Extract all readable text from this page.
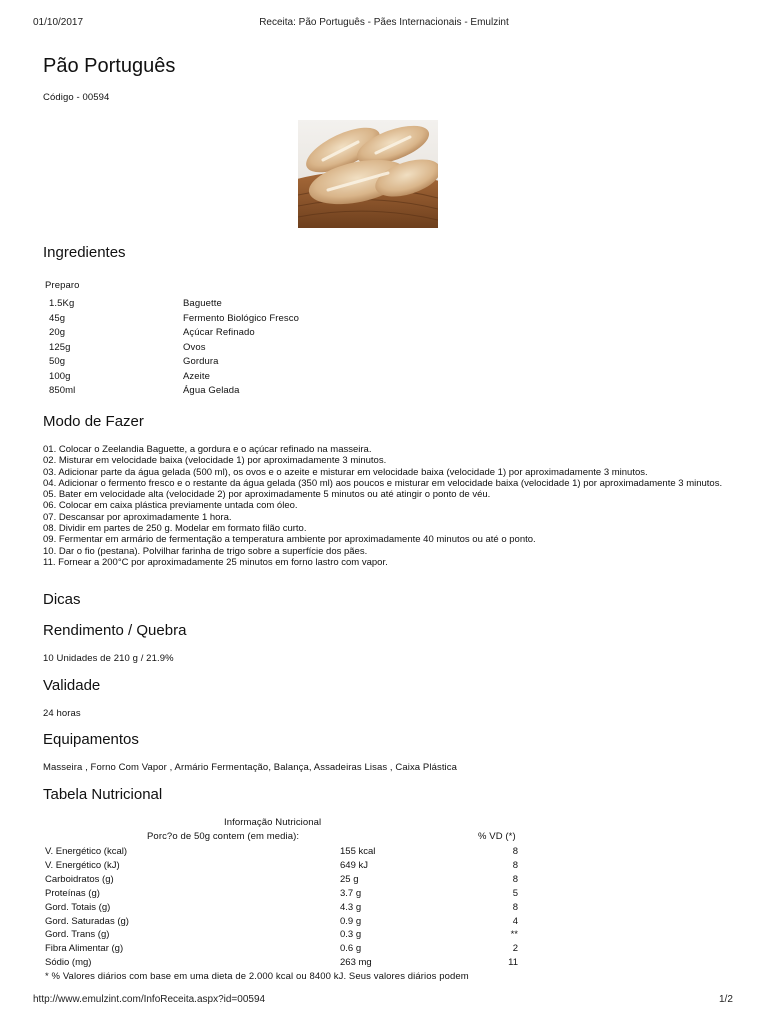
01/10/2017	Receita: Pão Português - Pães Internacionais - Emulzint
Pão Português
Código - 00594
Ingredientes
Preparo
1.5Kg	Baguette
45g	Fermento Biológico Fresco
20g	Açúcar Refinado
125g	Ovos
50g	Gordura
100g	Azeite
850ml	Água Gelada
Modo de Fazer
01. Colocar o Zeelandia Baguette, a gordura e o açúcar refinado na masseira.
02. Misturar em velocidade baixa (velocidade 1) por aproximadamente 3 minutos.
03. Adicionar parte da água gelada (500 ml), os ovos e o azeite e misturar em velocidade baixa (velocidade 1) por aproximadamente 3 minutos.
04. Adicionar o fermento fresco e o restante da água gelada (350 ml) aos poucos e misturar em velocidade baixa (velocidade 1) por aproximadamente 3 minutos.
05. Bater em velocidade alta (velocidade 2) por aproximadamente 5 minutos ou até atingir o ponto de véu.
06. Colocar em caixa plástica previamente untada com óleo.
07. Descansar por aproximadamente 1 hora.
08. Dividir em partes de 250 g. Modelar em formato filão curto.
09. Fermentar em armário de fermentação a temperatura ambiente por aproximadamente 40 minutos ou até o ponto.
10. Dar o fio (pestana). Polvilhar farinha de trigo sobre a superfície dos pães.
11. Fornear a 200°C por aproximadamente 25 minutos em forno lastro com vapor.
Dicas
Rendimento / Quebra
10 Unidades de 210 g / 21.9%
Validade
24 horas
Equipamentos
Masseira , Forno Com Vapor , Armário Fermentação, Balança, Assadeiras Lisas , Caixa Plástica
Tabela Nutricional
Informação Nutricional
Porc?o de 50g contem (em media):	% VD (*)
V. Energético (kcal)	155 kcal	8
V. Energético (kJ)	649 kJ	8
Carboidratos (g)	25 g	8
Proteínas (g)	3.7 g	5
Gord. Totais (g)	4.3 g	8
Gord. Saturadas (g)	0.9 g	4
Gord. Trans (g)	0.3 g	**
Fibra Alimentar (g)	0.6 g	2
Sódio (mg)	263 mg	11
* % Valores diários com base em uma dieta de 2.000 kcal ou 8400 kJ. Seus valores diários podem
http://www.emulzint.com/InfoReceita.aspx?id=00594	1/2
